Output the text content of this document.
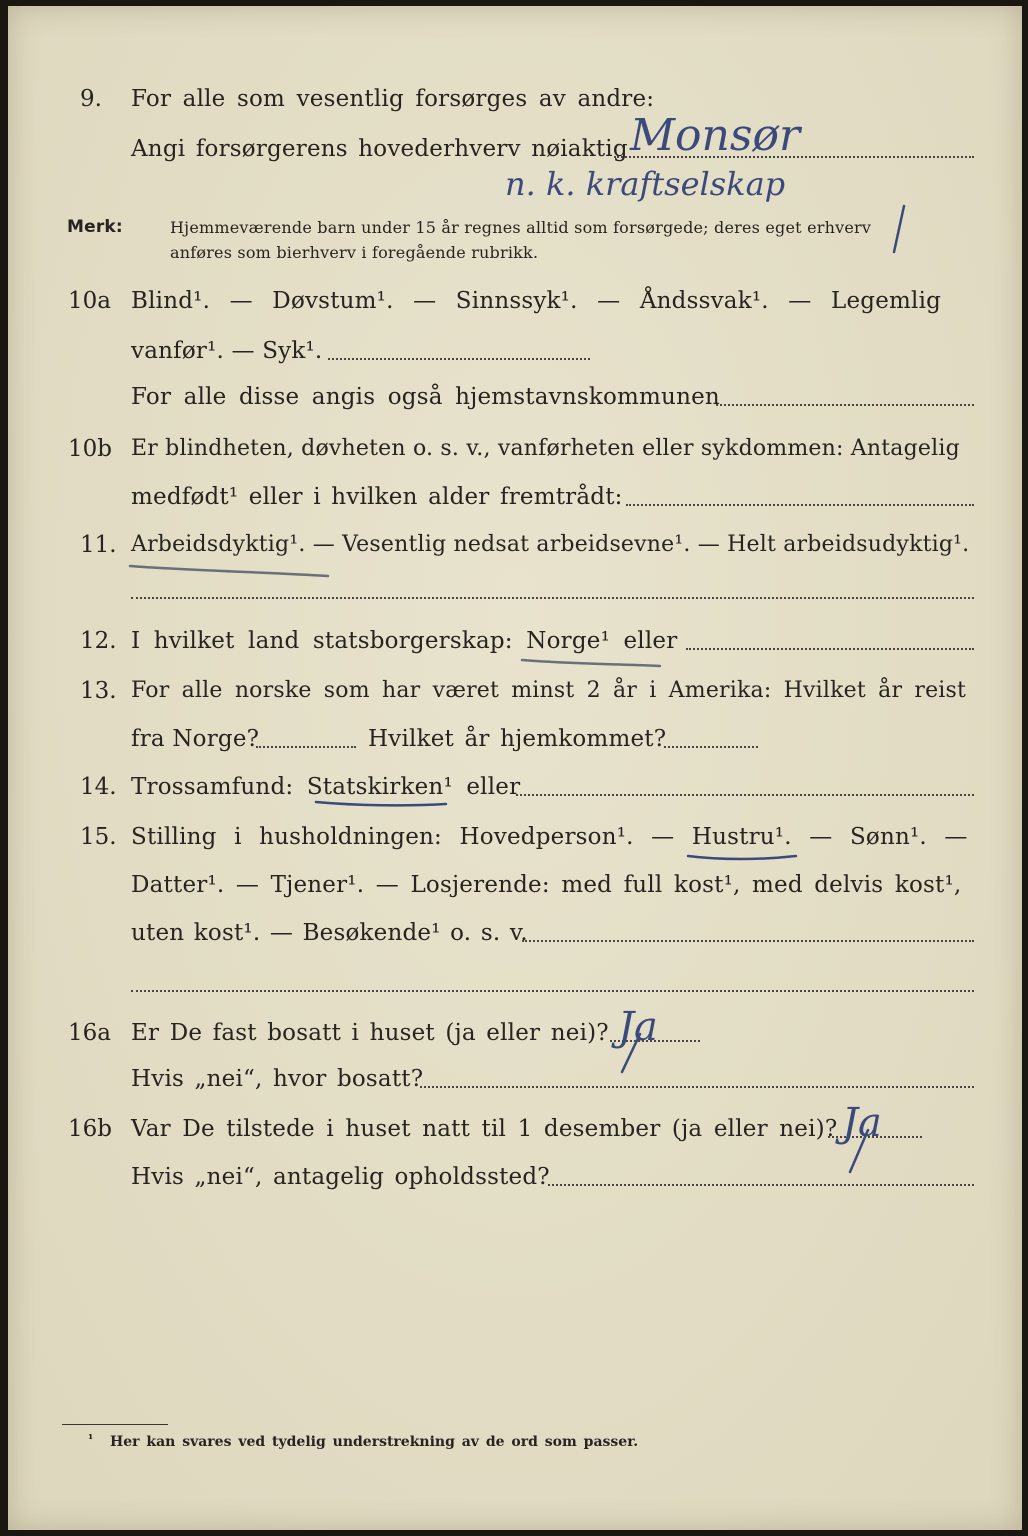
9. For alle som vesentlig forsørges av andre:
Angi forsørgerens hovederhverv nøiaktig Monsør
n. k. kraftselskap
Merk:	Hjemmeværende barn under 15 år regnes alltid som forsørgede; deres eget erhverv
anføres som bierhverv i foregående rubrikk.
10a Blind¹. — Døvstum¹. — Sinnssyk¹. — Åndssvak¹. — Legemlig
vanfør¹. — Syk¹.
For alle disse angis også hjemstavnskommunen
10b Er blindheten, døvheten o. s. v., vanførheten eller sykdommen: Antagelig
medfødt¹ eller i hvilken alder fremtrådt:
11. Arbeidsdyktig¹. — Vesentlig nedsat arbeidsevne¹. — Helt arbeidsudyktig¹.
12. I hvilket land statsborgerskap: Norge¹ eller
13. For alle norske som har været minst 2 år i Amerika: Hvilket år reist
fra Norge?	Hvilket år hjemkommet?
14. Trossamfund: Statskirken¹ eller
15. Stilling i husholdningen: Hovedperson¹. — Hustru¹. — Sønn¹. —
Datter¹. — Tjener¹. — Losjerende: med full kost¹, med delvis kost¹,
uten kost¹. — Besøkende¹ o. s. v.
16a Er De fast bosatt i huset (ja eller nei)? Ja
Hvis „nei“, hvor bosatt?
16b Var De tilstede i huset natt til 1 desember (ja eller nei)? Ja
Hvis „nei“, antagelig opholdssted?
¹ Her kan svares ved tydelig understrekning av de ord som passer.
